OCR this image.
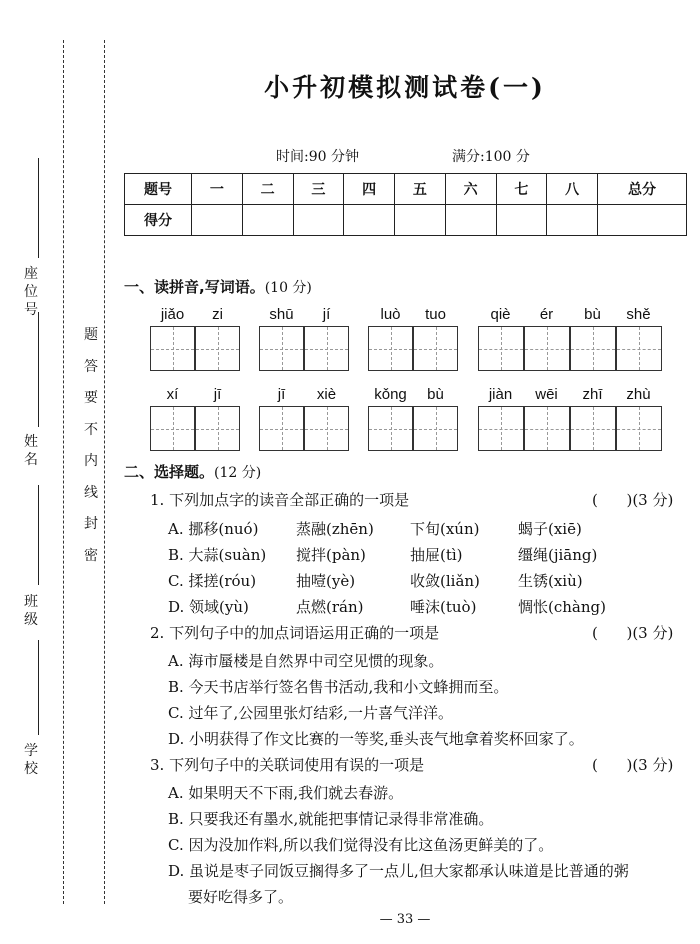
座位号
姓名
班级
学校
题
答
要
不
内
线
封
密
小升初模拟测试卷(一)
时间:90 分钟	满分:100 分
题号	一	二	三	四	五	六	七	八	总分
得分									
一、读拼音,写词语。(10 分)
jiǎo	zi	shū	jí	luò	tuo	qiè	ér	bù	shě
xí	jī	jī	xiè	kǒng	bù	jiàn	wēi	zhī	zhù
二、选择题。(12 分)
1. 下列加点字的读音全部正确的一项是	(      )(3 分)
A. 挪移(nuó)	蒸融(zhēn) 下旬(xún)	蝎子(xiē)
B. 大蒜(suàn) 搅拌(pàn)	抽屉(tì)	缰绳(jiāng)
C. 揉搓(róu)	抽噎(yè)	收敛(liǎn)	生锈(xiù)
D. 领域(yù)	点燃(rán)	唾沫(tuò)	惆怅(chàng)
2. 下列句子中的加点词语运用正确的一项是	(      )(3 分)
A. 海市蜃楼是自然界中司空见惯的现象。
B. 今天书店举行签名售书活动,我和小文蜂拥而至。
C. 过年了,公园里张灯结彩,一片喜气洋洋。
D. 小明获得了作文比赛的一等奖,垂头丧气地拿着奖杯回家了。
3. 下列句子中的关联词使用有误的一项是	(      )(3 分)
A. 如果明天不下雨,我们就去春游。
B. 只要我还有墨水,就能把事情记录得非常准确。
C. 因为没加作料,所以我们觉得没有比这鱼汤更鲜美的了。
D. 虽说是枣子同饭豆搁得多了一点儿,但大家都承认味道是比普通的粥
要好吃得多了。
— 33 —
